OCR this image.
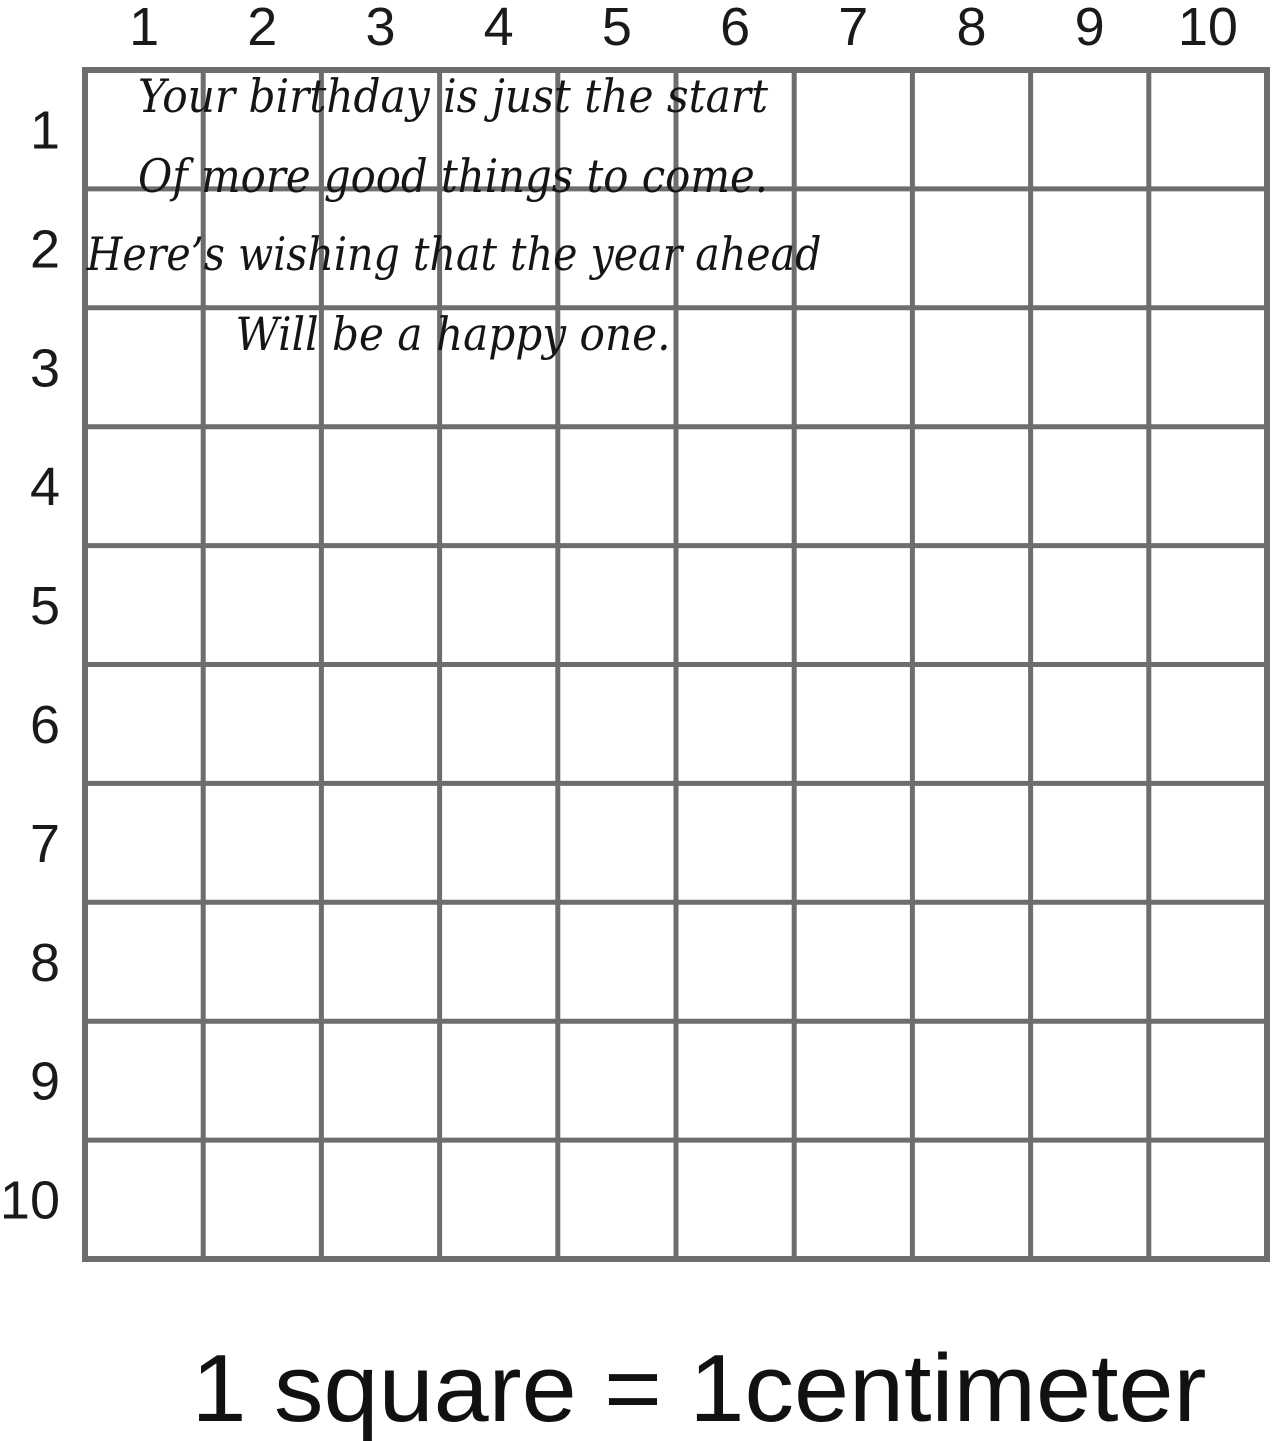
1 2 3 4 5 6 7 8 9 10
1
2
3
4
5
6
7
8
9
10
Your birthday is just the start
Of more good things to come.
Here’s wishing that the year ahead
Will be a happy one.
1 square = 1centimeter
